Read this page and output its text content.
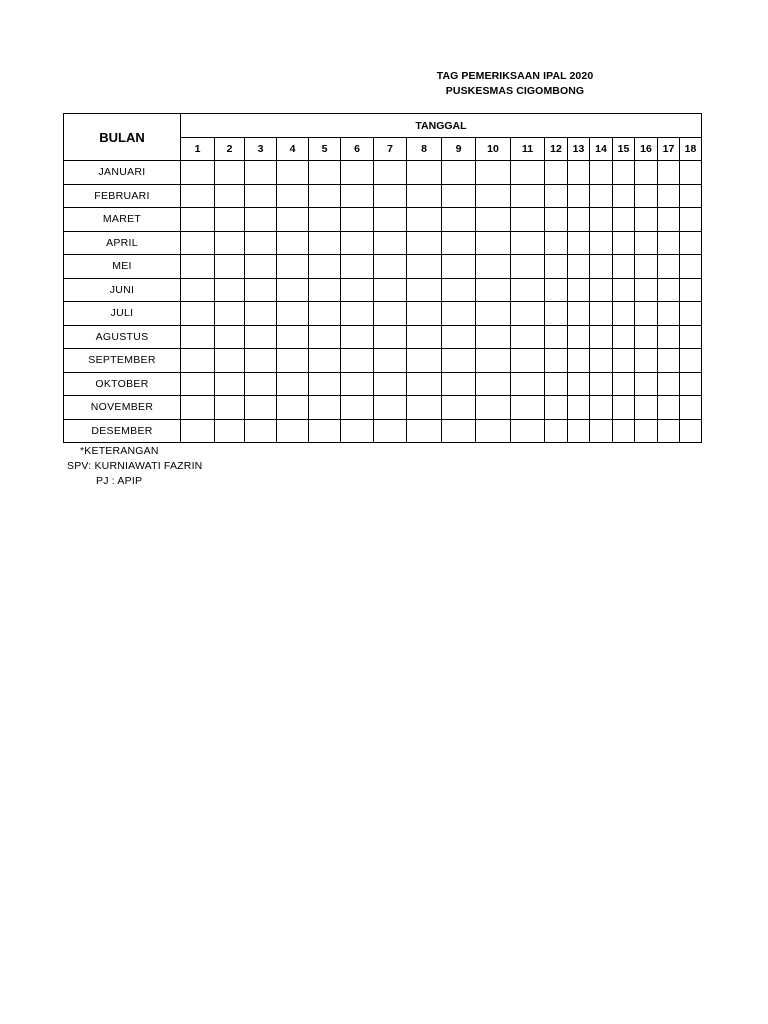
TAG PEMERIKSAAN IPAL 2020
PUSKESMAS CIGOMBONG
BULAN	TANGGAL																	
	1	2	3	4	5	6	7	8	9	10	11	12	13	14	15	16	17	18
JANUARI																		
FEBRUARI																		
MARET																		
APRIL																		
MEI																		
JUNI																		
JULI																		
AGUSTUS																		
SEPTEMBER																		
OKTOBER																		
NOVEMBER																		
DESEMBER																		
*KETERANGAN
SPV: KURNIAWATI FAZRIN
PJ : APIP
